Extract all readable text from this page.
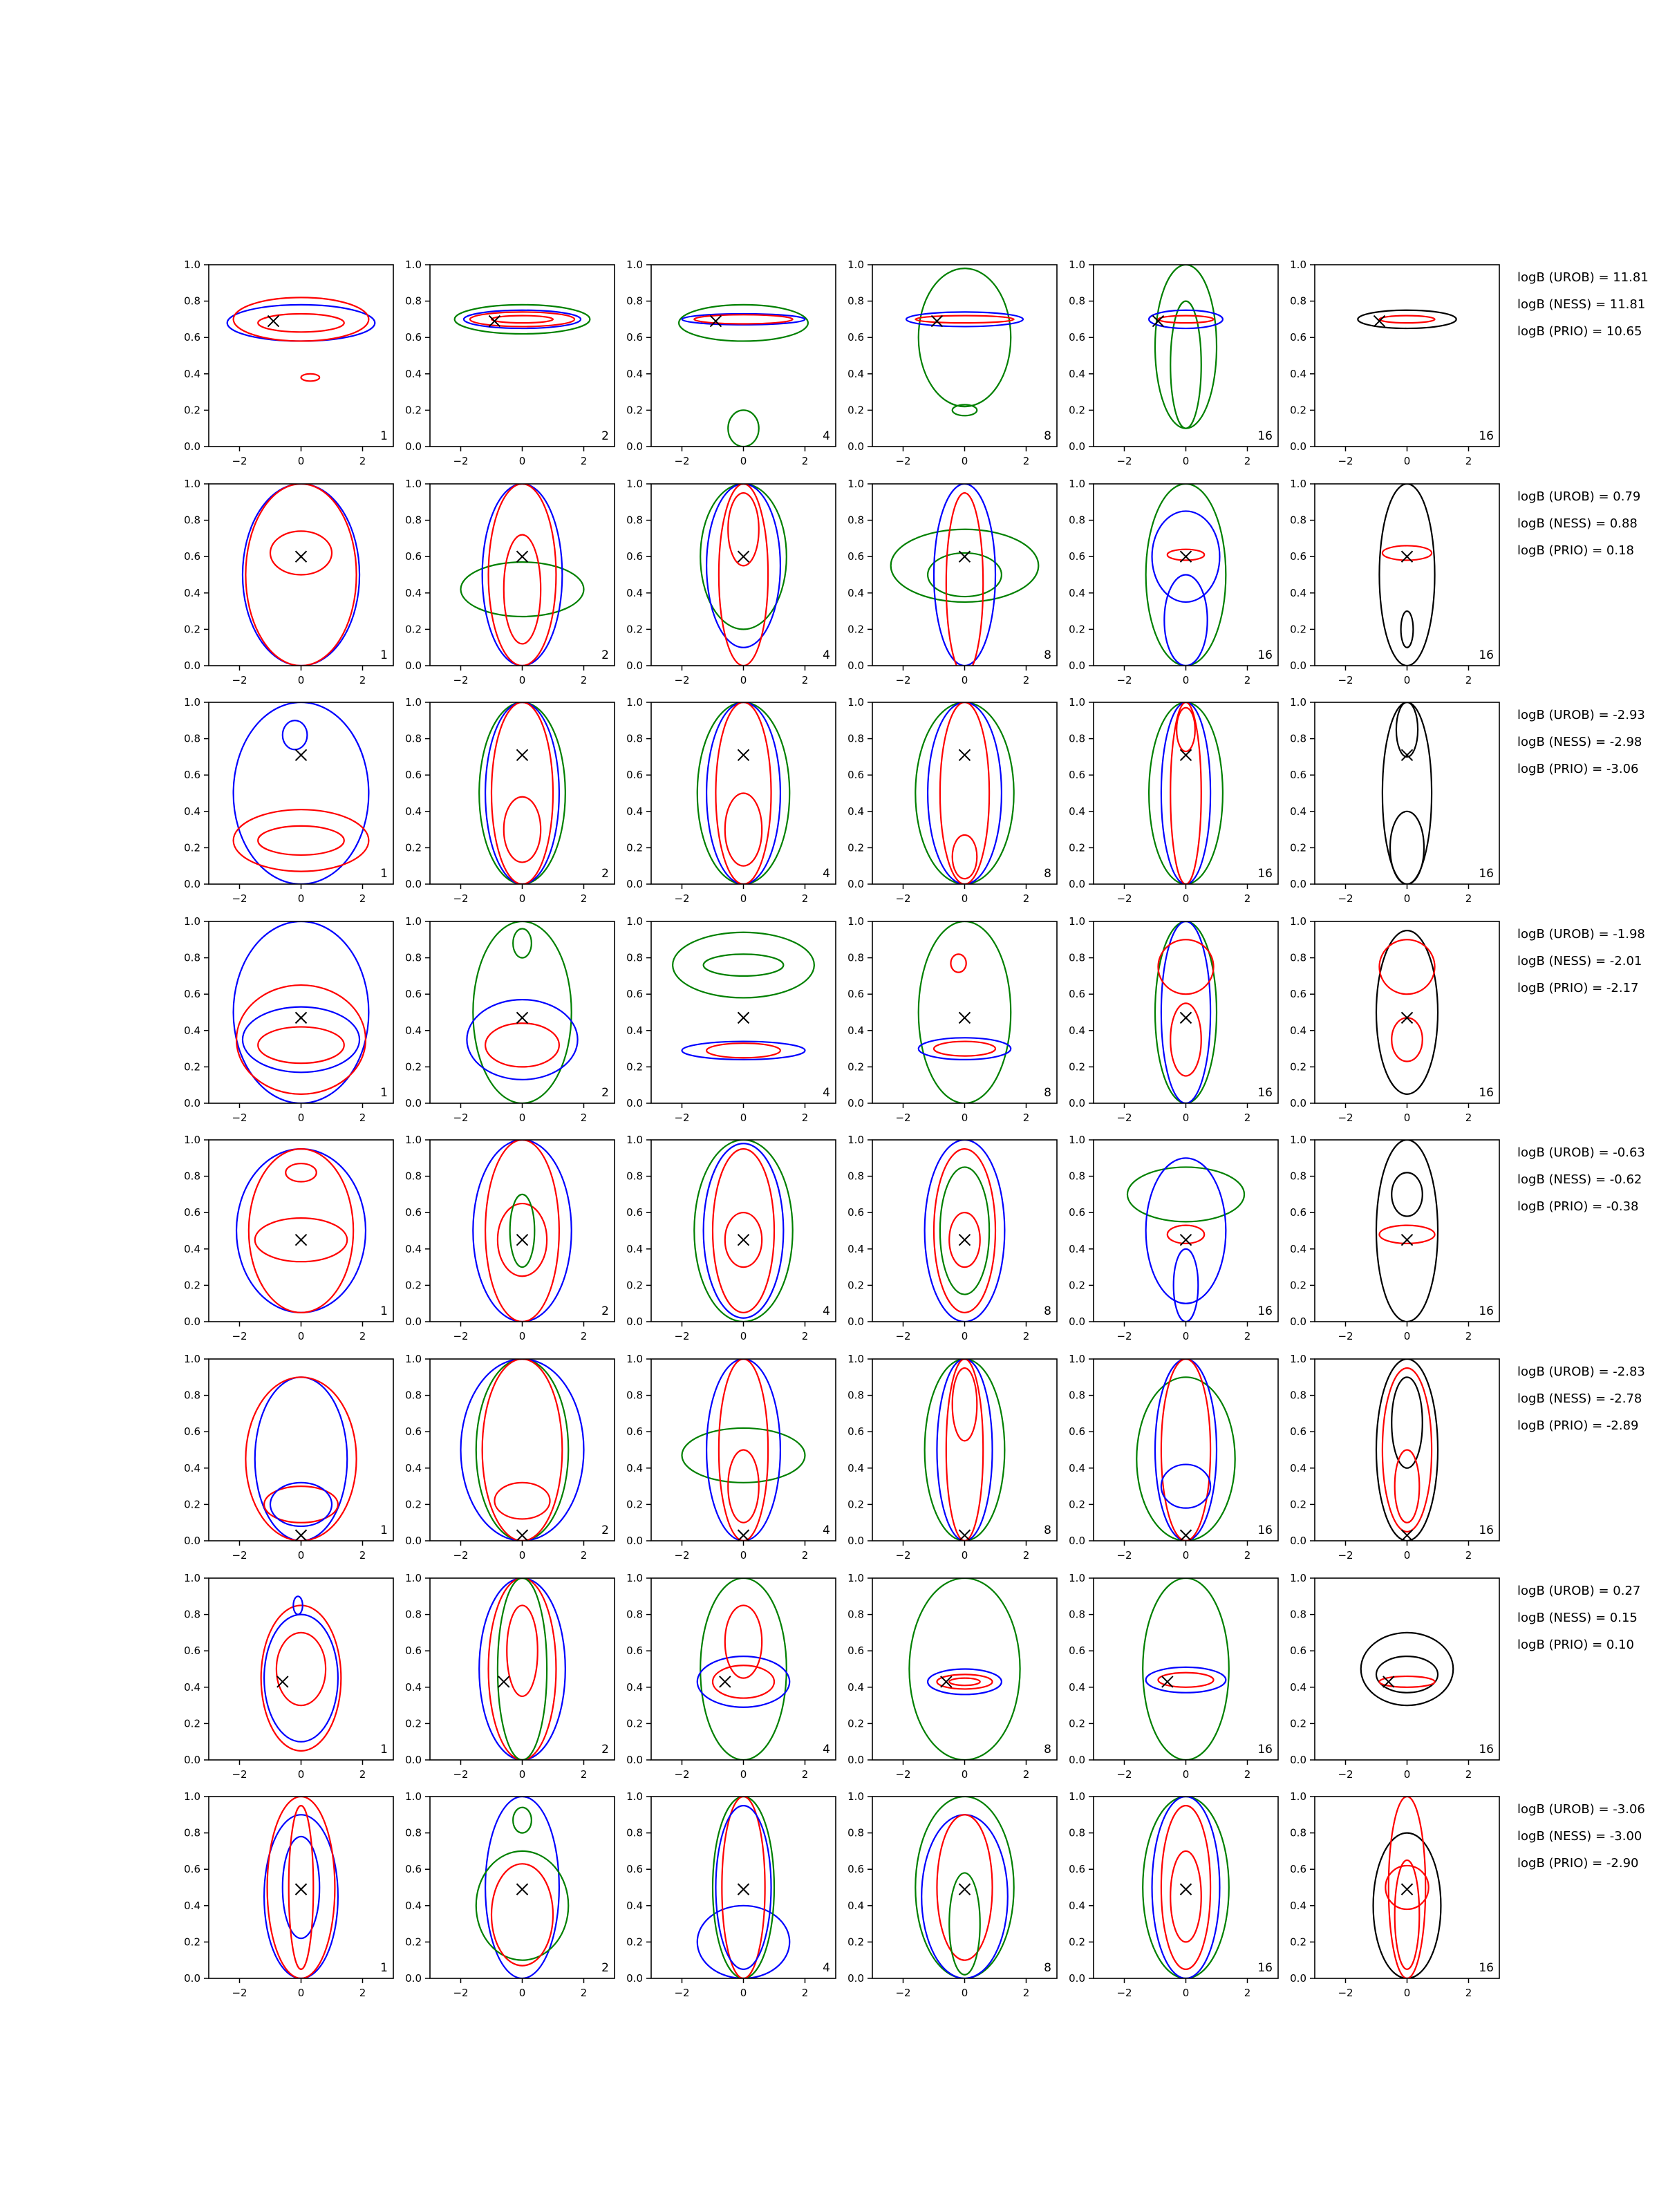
−2	0	2
0.0
0.2
0.4
0.6
0.8
1.0
1
−2	0	2
0.0
0.2
0.4
0.6
0.8
1.0
2
−2	0	2
0.0
0.2
0.4
0.6
0.8
1.0
4
−2	0	2
0.0
0.2
0.4
0.6
0.8
1.0
8
−2	0	2
0.0
0.2
0.4
0.6
0.8
1.0
16
−2	0	2
0.0
0.2
0.4
0.6
0.8
1.0
16
logB (UROB) = 11.81
logB (NESS) = 11.81
logB (PRIO) = 10.65
−2	0	2
0.0
0.2
0.4
0.6
0.8
1.0
1
−2	0	2
0.0
0.2
0.4
0.6
0.8
1.0
2
−2	0	2
0.0
0.2
0.4
0.6
0.8
1.0
4
−2	0	2
0.0
0.2
0.4
0.6
0.8
1.0
8
−2	0	2
0.0
0.2
0.4
0.6
0.8
1.0
16
−2	0	2
0.0
0.2
0.4
0.6
0.8
1.0
16
logB (UROB) = 0.79
logB (NESS) = 0.88
logB (PRIO) = 0.18
−2	0	2
0.0
0.2
0.4
0.6
0.8
1.0
1
−2	0	2
0.0
0.2
0.4
0.6
0.8
1.0
2
−2	0	2
0.0
0.2
0.4
0.6
0.8
1.0
4
−2	0	2
0.0
0.2
0.4
0.6
0.8
1.0
8
−2	0	2
0.0
0.2
0.4
0.6
0.8
1.0
16
−2	0	2
0.0
0.2
0.4
0.6
0.8
1.0
16
logB (UROB) = -2.93
logB (NESS) = -2.98
logB (PRIO) = -3.06
−2	0	2
0.0
0.2
0.4
0.6
0.8
1.0
1
−2	0	2
0.0
0.2
0.4
0.6
0.8
1.0
2
−2	0	2
0.0
0.2
0.4
0.6
0.8
1.0
4
−2	0	2
0.0
0.2
0.4
0.6
0.8
1.0
8
−2	0	2
0.0
0.2
0.4
0.6
0.8
1.0
16
−2	0	2
0.0
0.2
0.4
0.6
0.8
1.0
16
logB (UROB) = -1.98
logB (NESS) = -2.01
logB (PRIO) = -2.17
−2	0	2
0.0
0.2
0.4
0.6
0.8
1.0
1
−2	0	2
0.0
0.2
0.4
0.6
0.8
1.0
2
−2	0	2
0.0
0.2
0.4
0.6
0.8
1.0
4
−2	0	2
0.0
0.2
0.4
0.6
0.8
1.0
8
−2	0	2
0.0
0.2
0.4
0.6
0.8
1.0
16
−2	0	2
0.0
0.2
0.4
0.6
0.8
1.0
16
logB (UROB) = -0.63
logB (NESS) = -0.62
logB (PRIO) = -0.38
−2	0	2
0.0
0.2
0.4
0.6
0.8
1.0
1
−2	0	2
0.0
0.2
0.4
0.6
0.8
1.0
2
−2	0	2
0.0
0.2
0.4
0.6
0.8
1.0
4
−2	0	2
0.0
0.2
0.4
0.6
0.8
1.0
8
−2	0	2
0.0
0.2
0.4
0.6
0.8
1.0
16
−2	0	2
0.0
0.2
0.4
0.6
0.8
1.0
16
logB (UROB) = -2.83
logB (NESS) = -2.78
logB (PRIO) = -2.89
−2	0	2
0.0
0.2
0.4
0.6
0.8
1.0
1
−2	0	2
0.0
0.2
0.4
0.6
0.8
1.0
2
−2	0	2
0.0
0.2
0.4
0.6
0.8
1.0
4
−2	0	2
0.0
0.2
0.4
0.6
0.8
1.0
8
−2	0	2
0.0
0.2
0.4
0.6
0.8
1.0
16
−2	0	2
0.0
0.2
0.4
0.6
0.8
1.0
16
logB (UROB) = 0.27
logB (NESS) = 0.15
logB (PRIO) = 0.10
−2	0	2
0.0
0.2
0.4
0.6
0.8
1.0
1
−2	0	2
0.0
0.2
0.4
0.6
0.8
1.0
2
−2	0	2
0.0
0.2
0.4
0.6
0.8
1.0
4
−2	0	2
0.0
0.2
0.4
0.6
0.8
1.0
8
−2	0	2
0.0
0.2
0.4
0.6
0.8
1.0
16
−2	0	2
0.0
0.2
0.4
0.6
0.8
1.0
16
logB (UROB) = -3.06
logB (NESS) = -3.00
logB (PRIO) = -2.90
